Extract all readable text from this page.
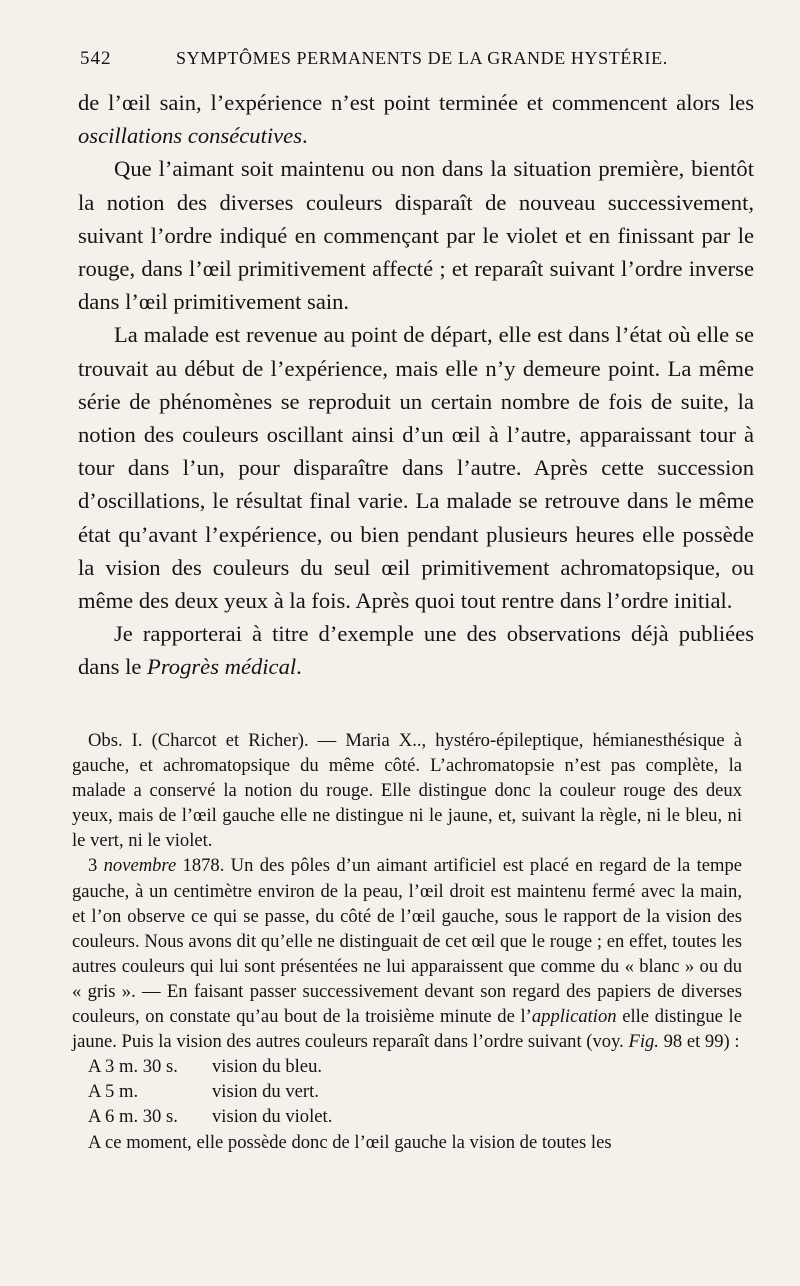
542	SYMPTÔMES PERMANENTS DE LA GRANDE HYSTÉRIE.

de l’œil sain, l’expérience n’est point terminée et commencent alors les oscillations consécutives.

Que l’aimant soit maintenu ou non dans la situation première, bientôt la notion des diverses couleurs disparaît de nouveau successivement, suivant l’ordre indiqué en commençant par le violet et en finissant par le rouge, dans l’œil primitivement affecté ; et reparaît suivant l’ordre inverse dans l’œil primitivement sain.

La malade est revenue au point de départ, elle est dans l’état où elle se trouvait au début de l’expérience, mais elle n’y demeure point. La même série de phénomènes se reproduit un certain nombre de fois de suite, la notion des couleurs oscillant ainsi d’un œil à l’autre, apparaissant tour à tour dans l’un, pour disparaître dans l’autre. Après cette succession d’oscillations, le résultat final varie. La malade se retrouve dans le même état qu’avant l’expérience, ou bien pendant plusieurs heures elle possède la vision des couleurs du seul œil primitivement achromatopsique, ou même des deux yeux à la fois. Après quoi tout rentre dans l’ordre initial.

Je rapporterai à titre d’exemple une des observations déjà publiées dans le Progrès médical.

Obs. I. (Charcot et Richer). — Maria X.., hystéro-épileptique, hémianesthésique à gauche, et achromatopsique du même côté. L’achromatopsie n’est pas complète, la malade a conservé la notion du rouge. Elle distingue donc la couleur rouge des deux yeux, mais de l’œil gauche elle ne distingue ni le jaune, et, suivant la règle, ni le bleu, ni le vert, ni le violet.

3 novembre 1878. Un des pôles d’un aimant artificiel est placé en regard de la tempe gauche, à un centimètre environ de la peau, l’œil droit est maintenu fermé avec la main, et l’on observe ce qui se passe, du côté de l’œil gauche, sous le rapport de la vision des couleurs. Nous avons dit qu’elle ne distinguait de cet œil que le rouge ; en effet, toutes les autres couleurs qui lui sont présentées ne lui apparaissent que comme du « blanc » ou du « gris ». — En faisant passer successivement devant son regard des papiers de diverses couleurs, on constate qu’au bout de la troisième minute de l’application elle distingue le jaune. Puis la vision des autres couleurs reparaît dans l’ordre suivant (voy. Fig. 98 et 99) :

A 3 m. 30 s. vision du bleu.

A 5 m.	vision du vert.

A 6 m. 30 s. vision du violet.

A ce moment, elle possède donc de l’œil gauche la vision de toutes les
